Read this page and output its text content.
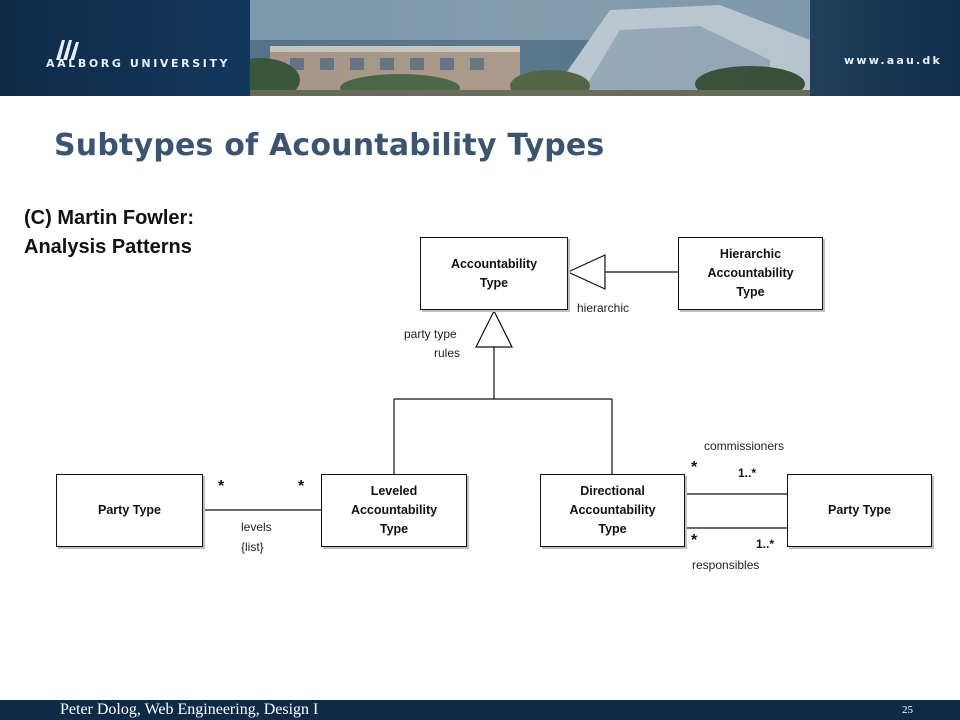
AALBORG UNIVERSITY	www.aau.dk
Subtypes of Acountability Types
(C) Martin Fowler:
Analysis Patterns
Accountability
Type
Hierarchic
Accountability
Type
Party Type
Leveled
Accountability
Type
Directional
Accountability
Type
Party Type
hierarchic
party type
rules
levels
{list}
commissioners
responsibles
*	*
*	1..*
*	1..*
Peter Dolog, Web Engineering, Design I	25
